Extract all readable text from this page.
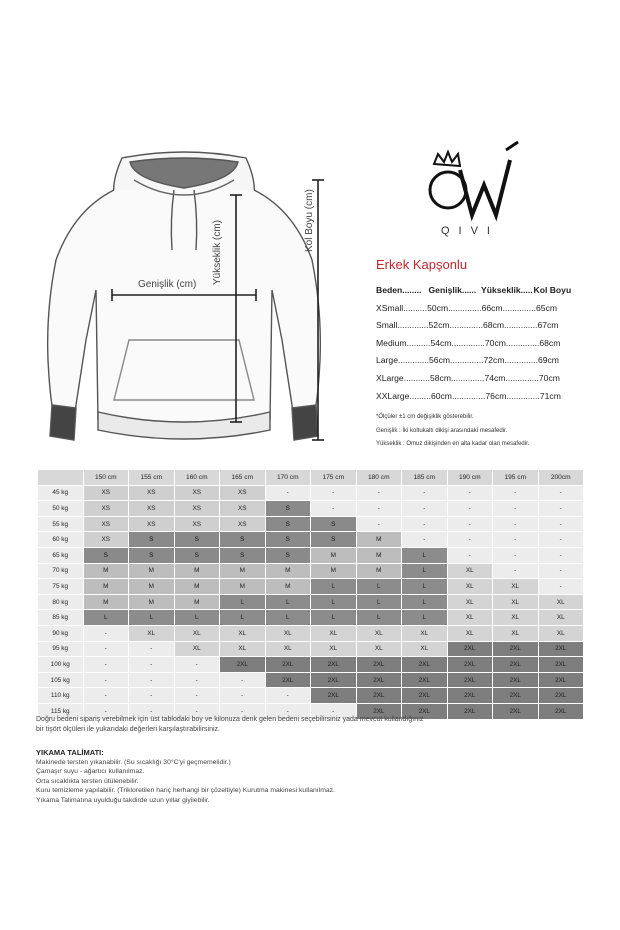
Genişlik (cm) Yükseklik (cm)	Kol Boyu (cm)	QIVI
Erkek Kapşonlu
Beden........ Genişlik...... Yükseklik..... Kol Boyu
XSmall.......... 50cm.............. 66cm.............. 65cm
Small............. 52cm.............. 68cm.............. 67cm
Medium.......... 54cm.............. 70cm.............. 68cm
Large............. 56cm.............. 72cm.............. 69cm
XLarge........... 58cm.............. 74cm.............. 70cm
XXLarge......... 60cm.............. 76cm.............. 71cm
*Ölçüler ±1 cm değişiklik gösterebilir.
Genişlik : İki koltukaltı dikişi arasındaki mesafedir.
Yükseklik : Omuz dikişinden en alta kadar olan mesafedir.
	150 cm	155 cm	160 cm	165 cm	170 cm	175 cm	180 cm	185 cm	190 cm	195 cm	200cm
45 kg	XS	XS	XS	XS	-	-	-	-	-	-	-
50 kg	XS	XS	XS	XS	S	-	-	-	-	-	-
55 kg	XS	XS	XS	XS	S	S	-	-	-	-	-
60 kg	XS	S	S	S	S	S	M	-	-	-	-
65 kg	S	S	S	S	S	M	M	L	-	-	-
70 kg	M	M	M	M	M	M	M	L	XL	-	-
75 kg	M	M	M	M	M	L	L	L	XL	XL	-
80 kg	M	M	M	L	L	L	L	L	XL	XL	XL
85 kg	L	L	L	L	L	L	L	L	XL	XL	XL
90 kg	-	XL	XL	XL	XL	XL	XL	XL	XL	XL	XL
95 kg	-	-	XL	XL	XL	XL	XL	XL	2XL	2XL	2XL
100 kg	-	-	-	2XL	2XL	2XL	2XL	2XL	2XL	2XL	2XL
105 kg	-	-	-	-	2XL	2XL	2XL	2XL	2XL	2XL	2XL
110 kg	-	-	-	-	-	2XL	2XL	2XL	2XL	2XL	2XL
115 kg	-	-	-	-	-	-	2XL	2XL	2XL	2XL	2XL
Doğru bedeni sipariş verebilmek için üst tablodaki boy ve kilonuza denk gelen bedeni seçebilirsiniz yada mevcut kullandığınız
bir tişört ölçüleri ile yukarıdaki değerleri karşılaştırabilirsiniz.
YIKAMA TALİMATI:
Makinede tersten yıkanabilir. (Su sıcaklığı 30°C'yi geçmemelidir.)
Çamaşır suyu - ağartıcı kullanılmaz.
Orta sıcaklıkta tersten ütülenebilir.
Kuru temizleme yapılabilir. (Trikloretilen hariç herhangi bir çözeltiyle) Kurutma makinesi kullanılmaz.
Yıkama Talimatına uyulduğu takdirde uzun yıllar giyilebilir.
